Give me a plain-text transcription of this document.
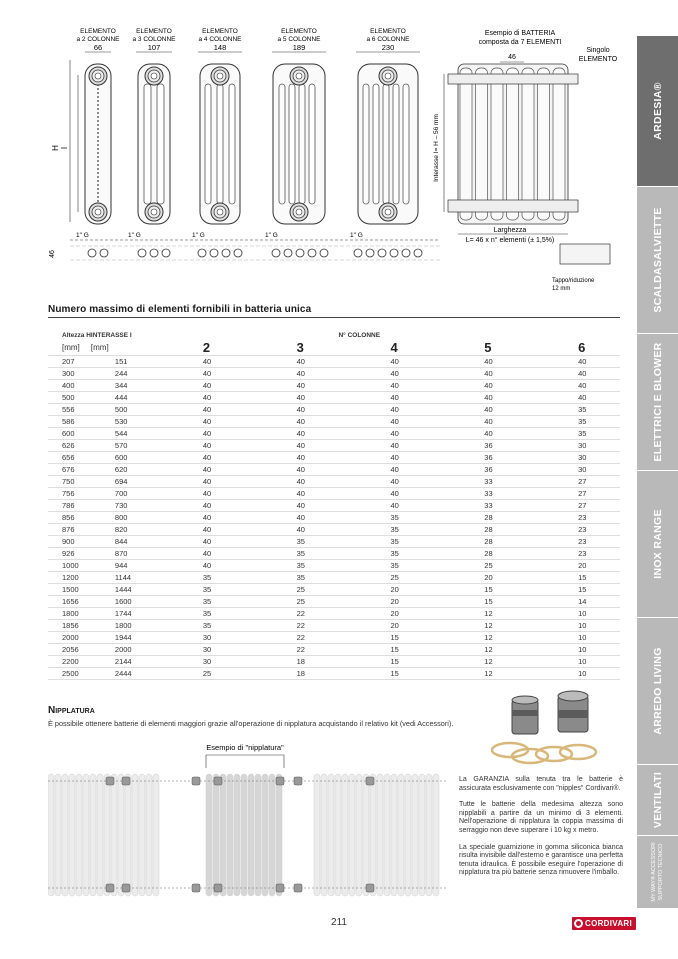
ARDESIA®
SCALDASALVIETTE
ELETTRICI E BLOWER
INOX RANGE
ARREDO LIVING
VENTILATI
MY WAY® ACCESSORI SUPPORTO TECNICO
ELEMENTO
a 2 COLONNE
66
ELEMENTO
a 3 COLONNE
107
ELEMENTO
a 4 COLONNE
148
ELEMENTO
a 5 COLONNE
189
ELEMENTO
a 6 COLONNE
230
H I
1" G	1" G	1" G	1" G	1" G
46
Esempio di BATTERIA
composta da 7 ELEMENTI
46
Singolo
ELEMENTO
Interasse I= H – 56 mm
Larghezza
L= 46 x n° elementi (± 1,5%)
Tappo/riduzione
12 mm
Numero massimo di elementi fornibili in batteria unica
Altezza H	INTERASSE I			N° COLONNE		
[mm]	[mm]	2	3	4	5	6
207	151	40	40	40	40	40
300	244	40	40	40	40	40
400	344	40	40	40	40	40
500	444	40	40	40	40	40
556	500	40	40	40	40	35
586	530	40	40	40	40	35
600	544	40	40	40	40	35
626	570	40	40	40	36	30
656	600	40	40	40	36	30
676	620	40	40	40	36	30
750	694	40	40	40	33	27
756	700	40	40	40	33	27
786	730	40	40	40	33	27
856	800	40	40	35	28	23
876	820	40	40	35	28	23
900	844	40	35	35	28	23
926	870	40	35	35	28	23
1000	944	40	35	35	25	20
1200	1144	35	35	25	20	15
1500	1444	35	25	20	15	15
1656	1600	35	25	20	15	14
1800	1744	35	22	20	12	10
1856	1800	35	22	20	12	10
2000	1944	30	22	15	12	10
2056	2000	30	22	15	12	10
2200	2144	30	18	15	12	10
2500	2444	25	18	15	12	10
Nipplatura
È possibile ottenere batterie di elementi maggiori grazie all'operazione di nipplatura acquistando il relativo kit (vedi Accessori).
Esempio di "nipplatura"

La GARANZIA sulla tenuta tra le batterie è assicurata esclusivamente con "nipples" Cordivari®.

Tutte le batterie della medesima altezza sono nipplabili a partire da un minimo di 3 elementi. Nell'operazione di nipplatura la coppia massima di serraggio non deve superare i 10 kg x metro.

La speciale guarnizione in gomma siliconica bianca risulta invisibile dall'esterno e garantisce una perfetta tenuta idraulica. È possibile eseguire l'operazione di nipplatura tra più batterie senza rimuovere l'imballo.

211	CORDIVARI
